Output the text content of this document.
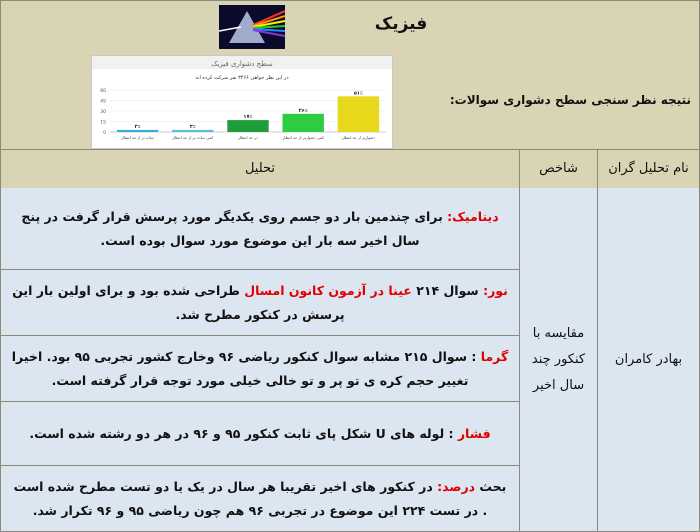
فیزیک
نتیجه نظر سنجی سطح دشواری سوالات:
سطح دشواری فیزیک
در این نظر خواهی ۳۴۶۶ نفر شرکت کرده اند
60
45
30
15
0
۳٪
ساده تر از حد انتظار
۳٪
کمی ساده تر از حد انتظار
۱۷٪
در حد انتظار
۲۶٪
کمی دشوارتر از حد انتظار
۵۱٪
دشوارتر از حد انتظار
نام تحلیل گران
شاخص
تحلیل
بهادر کامران
مقایسه با کنکور چند سال اخیر
دینامیک: برای چندمین بار دو جسم روی یکدیگر مورد پرسش قرار گرفت در پنج سال اخیر سه بار این موضوع مورد سوال بوده است.
نور: سوال ۲۱۴ عینا در آزمون کانون امسال طراحی شده بود و برای اولین بار این پرسش در کنکور مطرح شد.
گرما : سوال ۲۱۵ مشابه سوال کنکور ریاضی ۹۶ وخارج کشور تجربی ۹۵ بود. اخیرا تغییر حجم کره ی تو پر و تو خالی خیلی مورد توجه قرار گرفته است.
فشار : لوله های U شکل پای ثابت کنکور ۹۵ و ۹۶ در هر دو رشته شده است.
بحث درصد: در کنکور های اخیر تقریبا هر سال در یک یا دو تست مطرح شده است . در تست ۲۲۴ این موضوع در تجربی ۹۶ هم چون ریاضی ۹۵ و ۹۶ تکرار شد.
